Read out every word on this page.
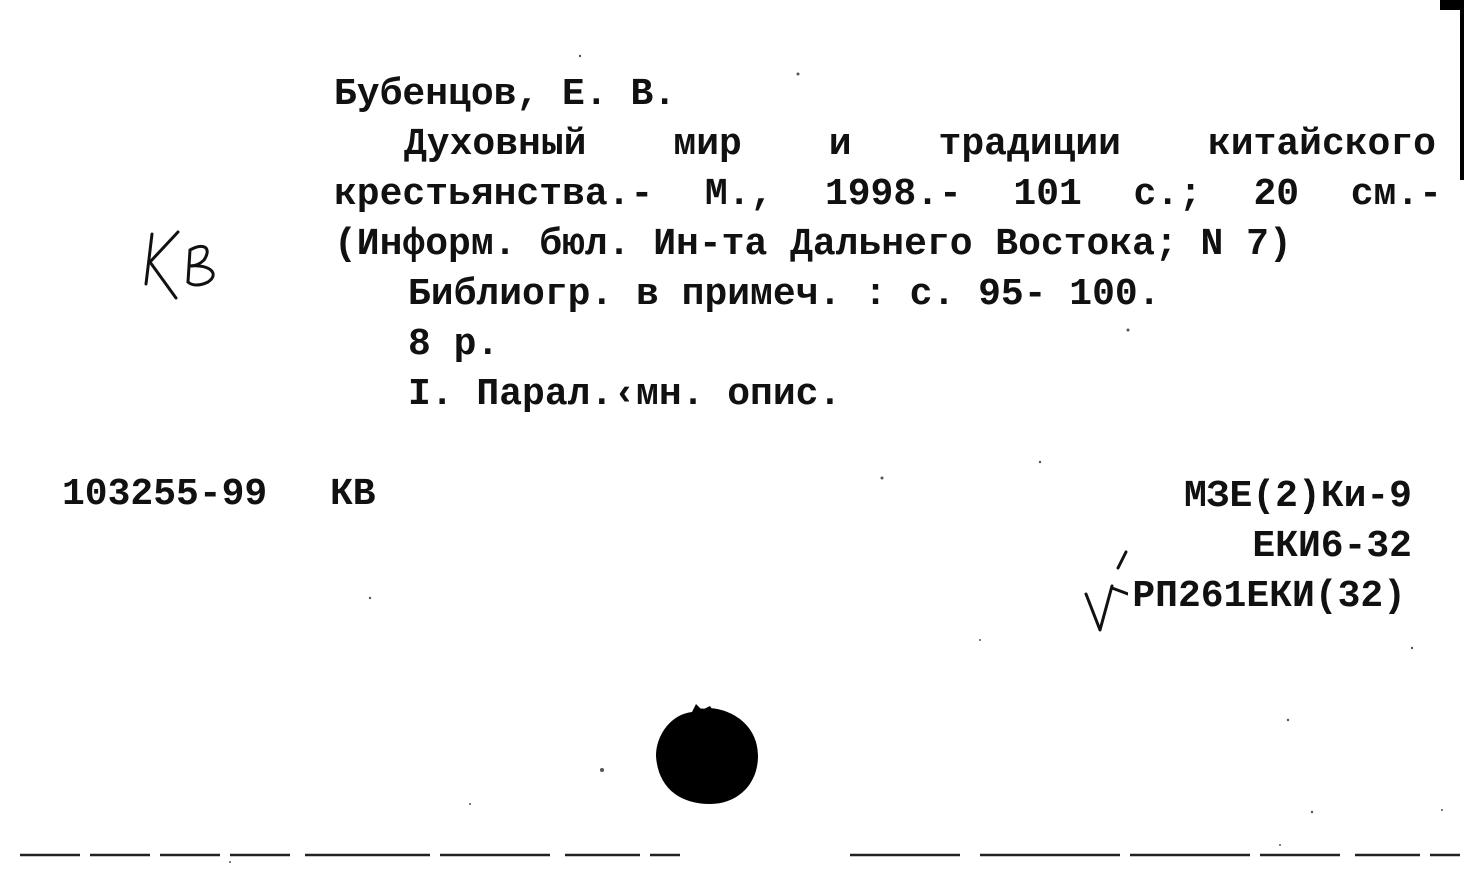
Бубенцов, Е. В.
Духовный мир и традиции китайского
крестьянства.- М., 1998.- 101 с.; 20 см.-
(Информ. бюл. Ин-та Дальнего Востока; N 7)
Библиогр. в примеч. : с. 95- 100.
8 р.
I. Парал.‹мн. опис.
103255-99 КВ	МЗЕ(2)Ки-9
ЕКИ6-32
РП261ЕКИ(32)
